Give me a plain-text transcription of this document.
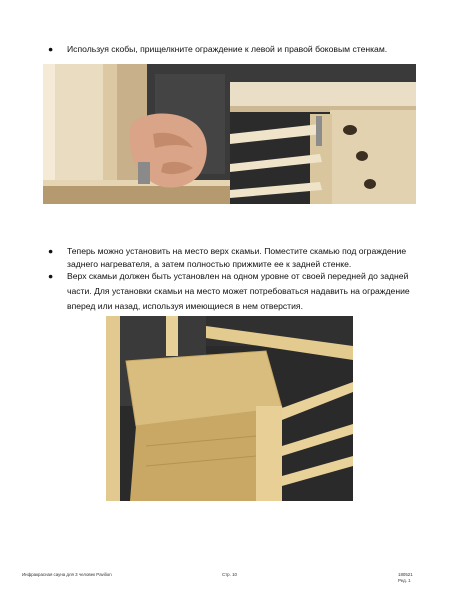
●	Используя скобы, прищелкните ограждение к левой и правой боковым стенкам.
●	Теперь можно установить на место верх скамьи. Поместите скамью под ограждение
заднего нагревателя, а затем полностью прижмите ее к задней стенке.
●	Верх скамьи должен быть установлен на одном уровне от своей передней до задней
части. Для установки скамьи на место может потребоваться надавить на ограждение
вперед или назад, используя имеющиеся в нем отверстия.
Инфракрасная сауна для 3 человек Pavilion	Стр. 10	180521
Ред. 1
